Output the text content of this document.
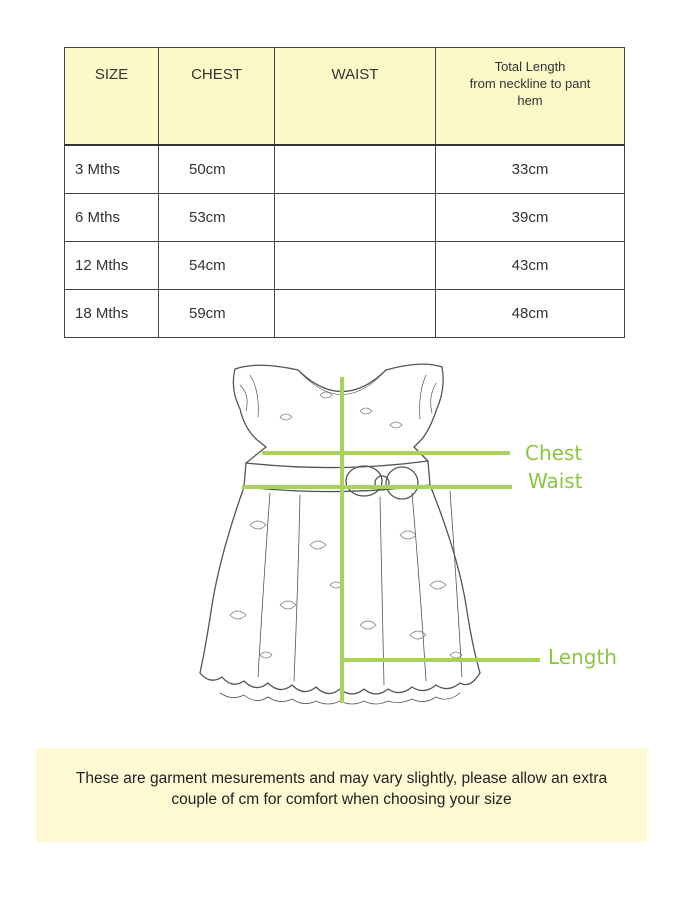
SIZE	CHEST	WAIST	Total Length
from neckline to pant
hem

3 Mths	50cm		33cm
6 Mths	53cm		39cm
12 Mths	54cm		43cm
18 Mths	59cm		48cm
Chest
Waist
Length
These are garment mesurements and may vary slightly, please allow an extra couple of cm for comfort when choosing your size
